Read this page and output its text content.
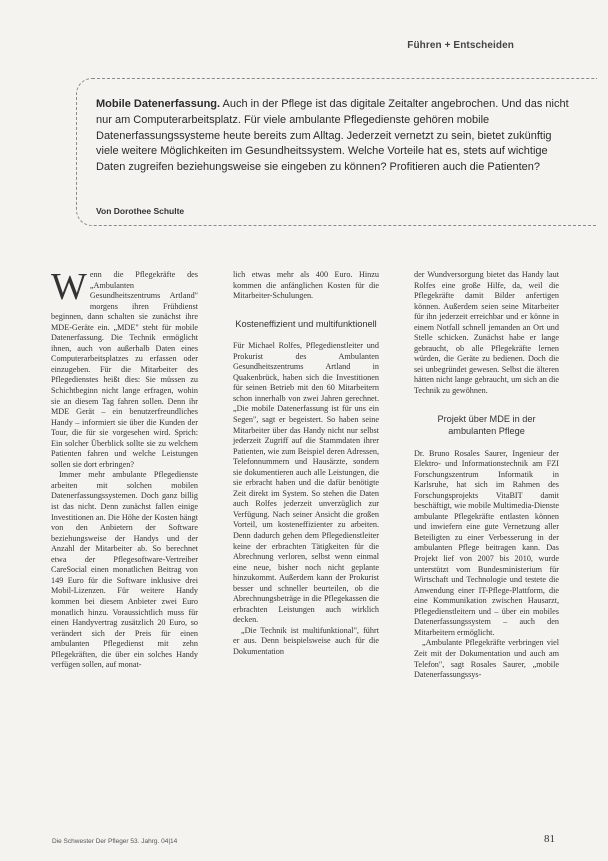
Führen + Entscheiden

Mobile Datenerfassung. Auch in der Pflege ist das digitale Zeitalter angebrochen. Und das nicht nur am Computerarbeitsplatz. Für viele ambulante Pflegedienste gehören mobile Datenerfassungssysteme heute bereits zum Alltag. Jederzeit vernetzt zu sein, bietet zukünftig viele weitere Möglichkeiten im Gesundheitssystem. Welche Vorteile hat es, stets auf wichtige Daten zugreifen beziehungsweise sie eingeben zu können? Profitieren auch die Patienten?

Von Dorothee Schulte

Wenn die Pflegekräfte des „Ambulanten Gesundheitszentrums Artland" morgens ihren Frühdienst beginnen, dann schalten sie zunächst ihre MDE-Geräte ein. „MDE" steht für mobile Datenerfassung. Die Technik ermöglicht ihnen, auch von außerhalb Daten eines Computerarbeitsplatzes zu erfassen oder einzugeben. Für die Mitarbeiter des Pflegedienstes heißt dies: Sie müssen zu Schichtbeginn nicht lange erfragen, wohin sie an diesem Tag fahren sollen. Denn ihr MDE Gerät – ein benutzerfreundliches Handy – informiert sie über die Kunden der Tour, die für sie vorgesehen wird. Sprich: Ein solcher Überblick sollte sie zu welchem Patienten fahren und welche Leistungen sollen sie dort erbringen?

Immer mehr ambulante Pflegedienste arbeiten mit solchen mobilen Datenerfassungssystemen. Doch ganz billig ist das nicht. Denn zunächst fallen einige Investitionen an. Die Höhe der Kosten hängt von den Anbietern der Software beziehungsweise der Handys und der Anzahl der Mitarbeiter ab. So berechnet etwa der Pflegesoftware-Vertreiber CareSocial einen monatlichen Beitrag von 149 Euro für die Software inklusive drei Mobil-Lizenzen. Für weitere Handy kommen bei diesem Anbieter zwei Euro monatlich hinzu. Voraussichtlich muss für einen Handyvertrag zusätzlich 20 Euro, so verändert sich der Preis für einen ambulanten Pflegedienst mit zehn Pflegekräften, die über ein solches Handy verfügen sollen, auf monat-

lich etwas mehr als 400 Euro. Hinzu kommen die anfänglichen Kosten für die Mitarbeiter-Schulungen.

Kosteneffizient und multifunktionell

Für Michael Rolfes, Pflegedienstleiter und Prokurist des Ambulanten Gesundheitszentrums Artland in Quakenbrück, haben sich die Investitionen für seinen Betrieb mit den 60 Mitarbeitern schon innerhalb von zwei Jahren gerechnet. „Die mobile Datenerfassung ist für uns ein Segen", sagt er begeistert. So haben seine Mitarbeiter über das Handy nicht nur selbst jederzeit Zugriff auf die Stammdaten ihrer Patienten, wie zum Beispiel deren Adressen, Telefonnummern und Hausärzte, sondern sie dokumentieren auch alle Leistungen, die sie erbracht haben und die dafür benötigte Zeit direkt im System. So stehen die Daten auch Rolfes jederzeit unverzüglich zur Verfügung. Nach seiner Ansicht die großen Vorteil, um kosteneffizienter zu arbeiten. Denn dadurch gehen dem Pflegedienstleiter keine der erbrachten Tätigkeiten für die Abrechnung verloren, selbst wenn einmal eine neue, bisher noch nicht geplante hinzukommt. Außerdem kann der Prokurist besser und schneller beurteilen, ob die Abrechnungsbeträge in die Pflegekassen die erbrachten Leistungen auch wirklich decken.

„Die Technik ist multifunktional", führt er aus. Denn beispielsweise auch für die Dokumentation

der Wundversorgung bietet das Handy laut Rolfes eine große Hilfe, da, weil die Pflegekräfte damit Bilder anfertigen können. Außerdem seien seine Mitarbeiter für ihn jederzeit erreichbar und er könne in einem Notfall schnell jemanden an Ort und Stelle schicken. Zunächst habe er lange gebraucht, ob alle Pflegekräfte lernen würden, die Geräte zu bedienen. Doch die sei unbegründet gewesen. Selbst die älteren hätten nicht lange gebraucht, um sich an die Technik zu gewöhnen.

Projekt über MDE in der ambulanten Pflege

Dr. Bruno Rosales Saurer, Ingenieur der Elektro- und Informationstechnik am FZI Forschungszentrum Informatik in Karlsruhe, hat sich im Rahmen des Forschungsprojekts VitaBIT damit beschäftigt, wie mobile Multimedia-Dienste ambulante Pflegekräfte entlasten können und inwiefern eine gute Vernetzung aller Beteiligten zu einer Verbesserung in der ambulanten Pflege beitragen kann. Das Projekt lief von 2007 bis 2010, wurde unterstützt vom Bundesministerium für Wirtschaft und Technologie und testete die Anwendung einer IT-Pflege-Plattform, die eine Kommunikation zwischen Hausarzt, Pflegedienstleitern und – über ein mobiles Datenerfassungssystem – auch den Mitarbeitern ermöglicht.

„Ambulante Pflegekräfte verbringen viel Zeit mit der Dokumentation und auch am Telefon", sagt Rosales Saurer, „mobile Datenerfassungssys-

Die Schwester Der Pfleger 53. Jahrg. 04|14	81
